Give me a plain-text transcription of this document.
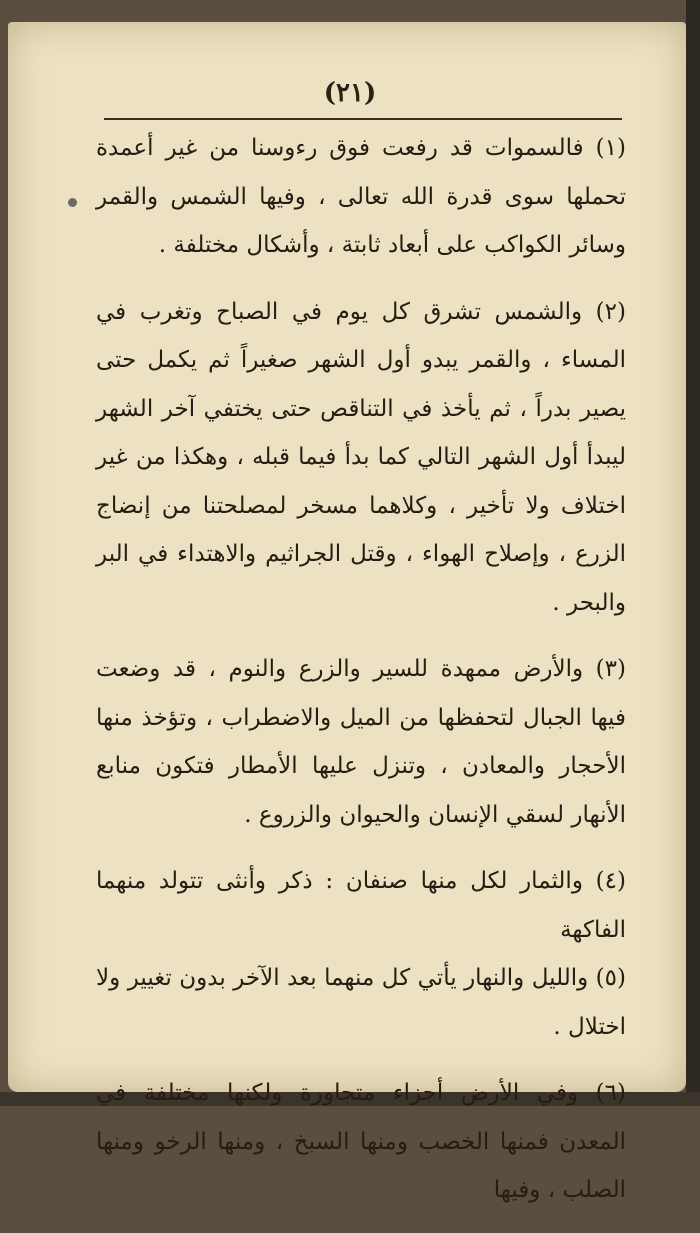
(٢١)

(١) فالسموات قد رفعت فوق رءوسنا من غير أعمدة تحملها سوى قدرة الله تعالى ، وفيها الشمس والقمر وسائر الكواكب على أبعاد ثابتة ، وأشكال مختلفة .

(٢) والشمس تشرق كل يوم في الصباح وتغرب في المساء ، والقمر يبدو أول الشهر صغيراً ثم يكمل حتى يصير بدراً ، ثم يأخذ في التناقص حتى يختفي آخر الشهر ليبدأ أول الشهر التالي كما بدأ فيما قبله ، وهكذا من غير اختلاف ولا تأخير ، وكلاهما مسخر لمصلحتنا من إنضاج الزرع ، وإصلاح الهواء ، وقتل الجراثيم والاهتداء في البر والبحر .

(٣) والأرض ممهدة للسير والزرع والنوم ، قد وضعت فيها الجبال لتحفظها من الميل والاضطراب ، وتؤخذ منها الأحجار والمعادن ، وتنزل عليها الأمطار فتكون منابع الأنهار لسقي الإنسان والحيوان والزروع .

(٤) والثمار لكل منها صنفان : ذكر وأنثى تتولد منهما الفاكهة

(٥) والليل والنهار يأتي كل منهما بعد الآخر بدون تغيير ولا اختلال .

(٦) وفي الأرض أجزاء متجاورة ولكنها مختلفة في المعدن فمنها الخصب ومنها السبخ ، ومنها الرخو ومنها الصلب ، وفيها
